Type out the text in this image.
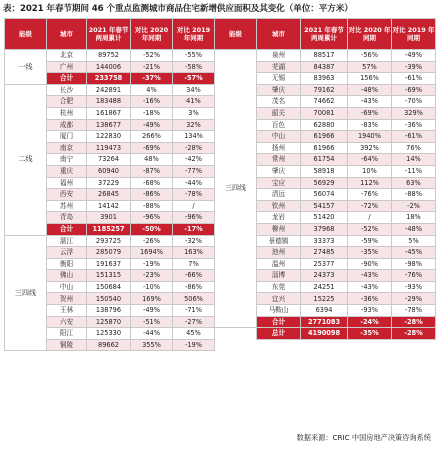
表：2021 年春节期间 46 个重点监测城市商品住宅新增供应面积及其变化（单位：平方米）
能级	城市	2021 年春节两周累计	对比 2020 年同期	对比 2019 年同期
一线	北京	89752	-52%	-55%
	广州	144006	-21%	-58%
	合计	233758	-37%	-57%
二线	长沙	242891	4%	34%
	合肥	183488	-16%	41%
	杭州	161867	-18%	3%
	成都	138677	-49%	32%
	厦门	122830	266%	134%
	南京	119473	-69%	-28%
	南宁	73264	48%	-42%
	重庆	60940	-87%	-77%
	福州	37229	-68%	-44%
	西安	26845	-86%	-78%
	苏州	14142	-88%	/
	青岛	3901	-96%	-96%
	合计	1185257	-50%	-17%
三四线	湛江	293725	-26%	-32%
	云浮	285079	1694%	163%
	衡阳	191637	-19%	7%
	佛山	151315	-23%	-66%
	中山	150684	-10%	-86%
	贺州	150540	169%	506%
	王林	138796	-49%	-71%
	六安	125870	-51%	-27%
	阳江	125330	-44%	45%
	铜陵	89662	355%	-19%
能级	城市	2021 年春节两周累计	对比 2020 年同期	对比 2019 年同期
三四线	泉州	88517	-56%	-49%
	芜湖	84387	57%	-39%
	无锡	83963	156%	-61%
	肇庆	79162	-48%	-69%
	茂名	74662	-43%	-70%
	韶关	70081	-69%	329%
	百色	62880	-83%	-36%
	中山	61966	1940%	-61%
	扬州	61966	392%	76%
	常州	61754	-64%	14%
	肇庆	58918	10%	-11%
	宝应	56929	112%	63%
	清远	56074	-76%	-88%
	钦州	54157	-72%	-2%
	龙岩	51420	/	18%
	柳州	37968	-52%	-48%
	景德镇	33373	-59%	5%
	池州	27485	-35%	-45%
	温州	25377	-90%	-98%
	淄博	24373	-43%	-76%
	东莞	24251	-43%	-93%
	宜兴	15225	-36%	-29%
	马鞍山	6394	-93%	-78%
	合计	2771083	-24%	-28%
	总计	4190098	-35%	-28%
数据来源：CRIC 中国房地产决策咨询系统
